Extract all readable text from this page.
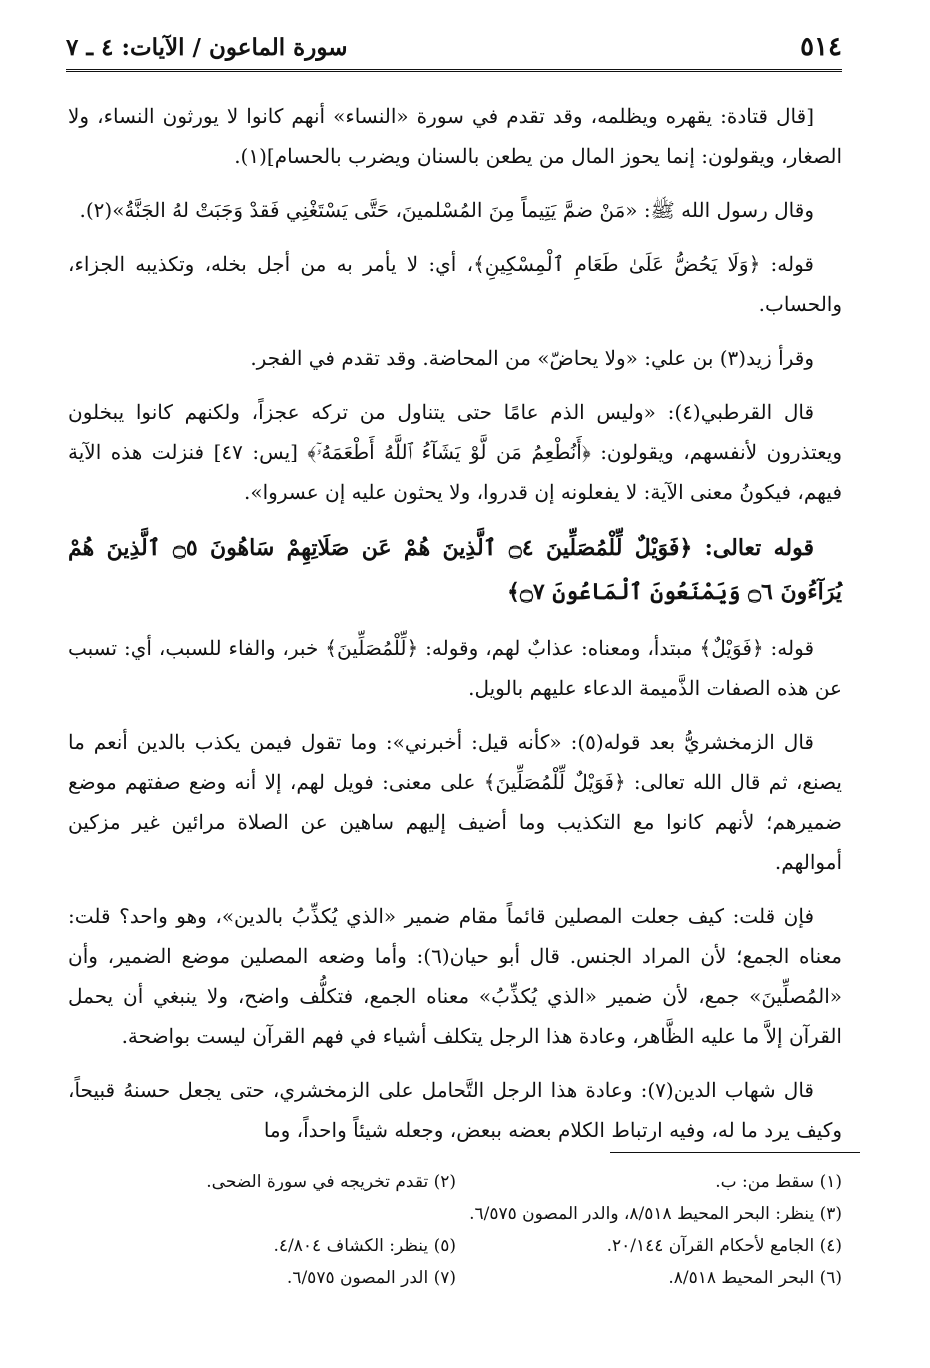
٥١٤
سورة الماعون / الآيات: ٤ ـ ٧

[قال قتادة: يقهره ويظلمه، وقد تقدم في سورة «النساء» أنهم كانوا لا يورثون النساء، ولا الصغار، ويقولون: إنما يحوز المال من يطعن بالسنان ويضرب بالحسام](١).

وقال رسول الله ﷺ: «مَنْ ضمَّ يَتِيماً مِنَ المُسْلمينَ، حَتَّى يَسْتَغْنِي فَقدْ وَجَبَتْ لهُ الجَنَّةُ»(٢).

قوله: ﴿وَلَا يَحُضُّ عَلَىٰ طَعَامِ ٱلْمِسْكِينِ﴾، أي: لا يأمر به من أجل بخله، وتكذيبه الجزاء، والحساب.

وقرأ زيد(٣) بن علي: «ولا يحاضّ» من المحاضة. وقد تقدم في الفجر.

قال القرطبي(٤): «وليس الذم عامًا حتى يتناول من تركه عجزاً، ولكنهم كانوا يبخلون ويعتذرون لأنفسهم، ويقولون: ﴿أَنُطْعِمُ مَن لَّوْ يَشَآءُ ٱللَّهُ أَطْعَمَهُۥٓ﴾ [يس: ٤٧] فنزلت هذه الآية فيهم، فيكونُ معنى الآية: لا يفعلونه إن قدروا، ولا يحثون عليه إن عسروا».

قوله تعالى: ﴿فَوَيْلٌ لِّلْمُصَلِّينَ ۝٤ ٱلَّذِينَ هُمْ عَن صَلَاتِهِمْ سَاهُونَ ۝٥ ٱلَّذِينَ هُمْ يُرَآءُونَ ۝٦ وَيَمْنَعُونَ ٱلْمَاعُونَ ۝٧﴾

قوله: ﴿فَوَيْلٌ﴾ مبتدأ، ومعناه: عذابٌ لهم، وقوله: ﴿لِّلْمُصَلِّينَ﴾ خبر، والفاء للسبب، أي: تسبب عن هذه الصفات الذَّميمة الدعاء عليهم بالويل.

قال الزمخشريُّ بعد قوله(٥): «كأنه قيل: أخبرني»: وما تقول فيمن يكذب بالدين أنعم ما يصنع، ثم قال الله تعالى: ﴿فَوَيْلٌ لِّلْمُصَلِّينَ﴾ على معنى: فويل لهم، إلا أنه وضع صفتهم موضع ضميرهم؛ لأنهم كانوا مع التكذيب وما أضيف إليهم ساهين عن الصلاة مرائين غير مزكين أموالهم.

فإن قلت: كيف جعلت المصلين قائماً مقام ضمير «الذي يُكذِّبُ بالدين»، وهو واحد؟ قلت: معناه الجمع؛ لأن المراد الجنس. قال أبو حيان(٦): وأما وضعه المصلين موضع الضمير، وأن «المُصلِّينَ» جمع، لأن ضمير «الذي يُكذِّبُ» معناه الجمع، فتكلُّف واضح، ولا ينبغي أن يحمل القرآن إلاَّ ما عليه الظَّاهر، وعادة هذا الرجل يتكلف أشياء في فهم القرآن ليست بواضحة.

قال شهاب الدين(٧): وعادة هذا الرجل التَّحامل على الزمخشري، حتى يجعل حسنهُ قبيحاً، وكيف يرد ما له، وفيه ارتباط الكلام بعضه ببعض، وجعله شيئاً واحداً، وما

(١) سقط من: ب.
(٢) تقدم تخريجه في سورة الضحى.
(٣) ينظر: البحر المحيط ٨/٥١٨، والدر المصون ٦/٥٧٥.
(٤) الجامع لأحكام القرآن ٢٠/١٤٤.
(٥) ينظر: الكشاف ٤/٨٠٤.
(٦) البحر المحيط ٨/٥١٨.
(٧) الدر المصون ٦/٥٧٥.
